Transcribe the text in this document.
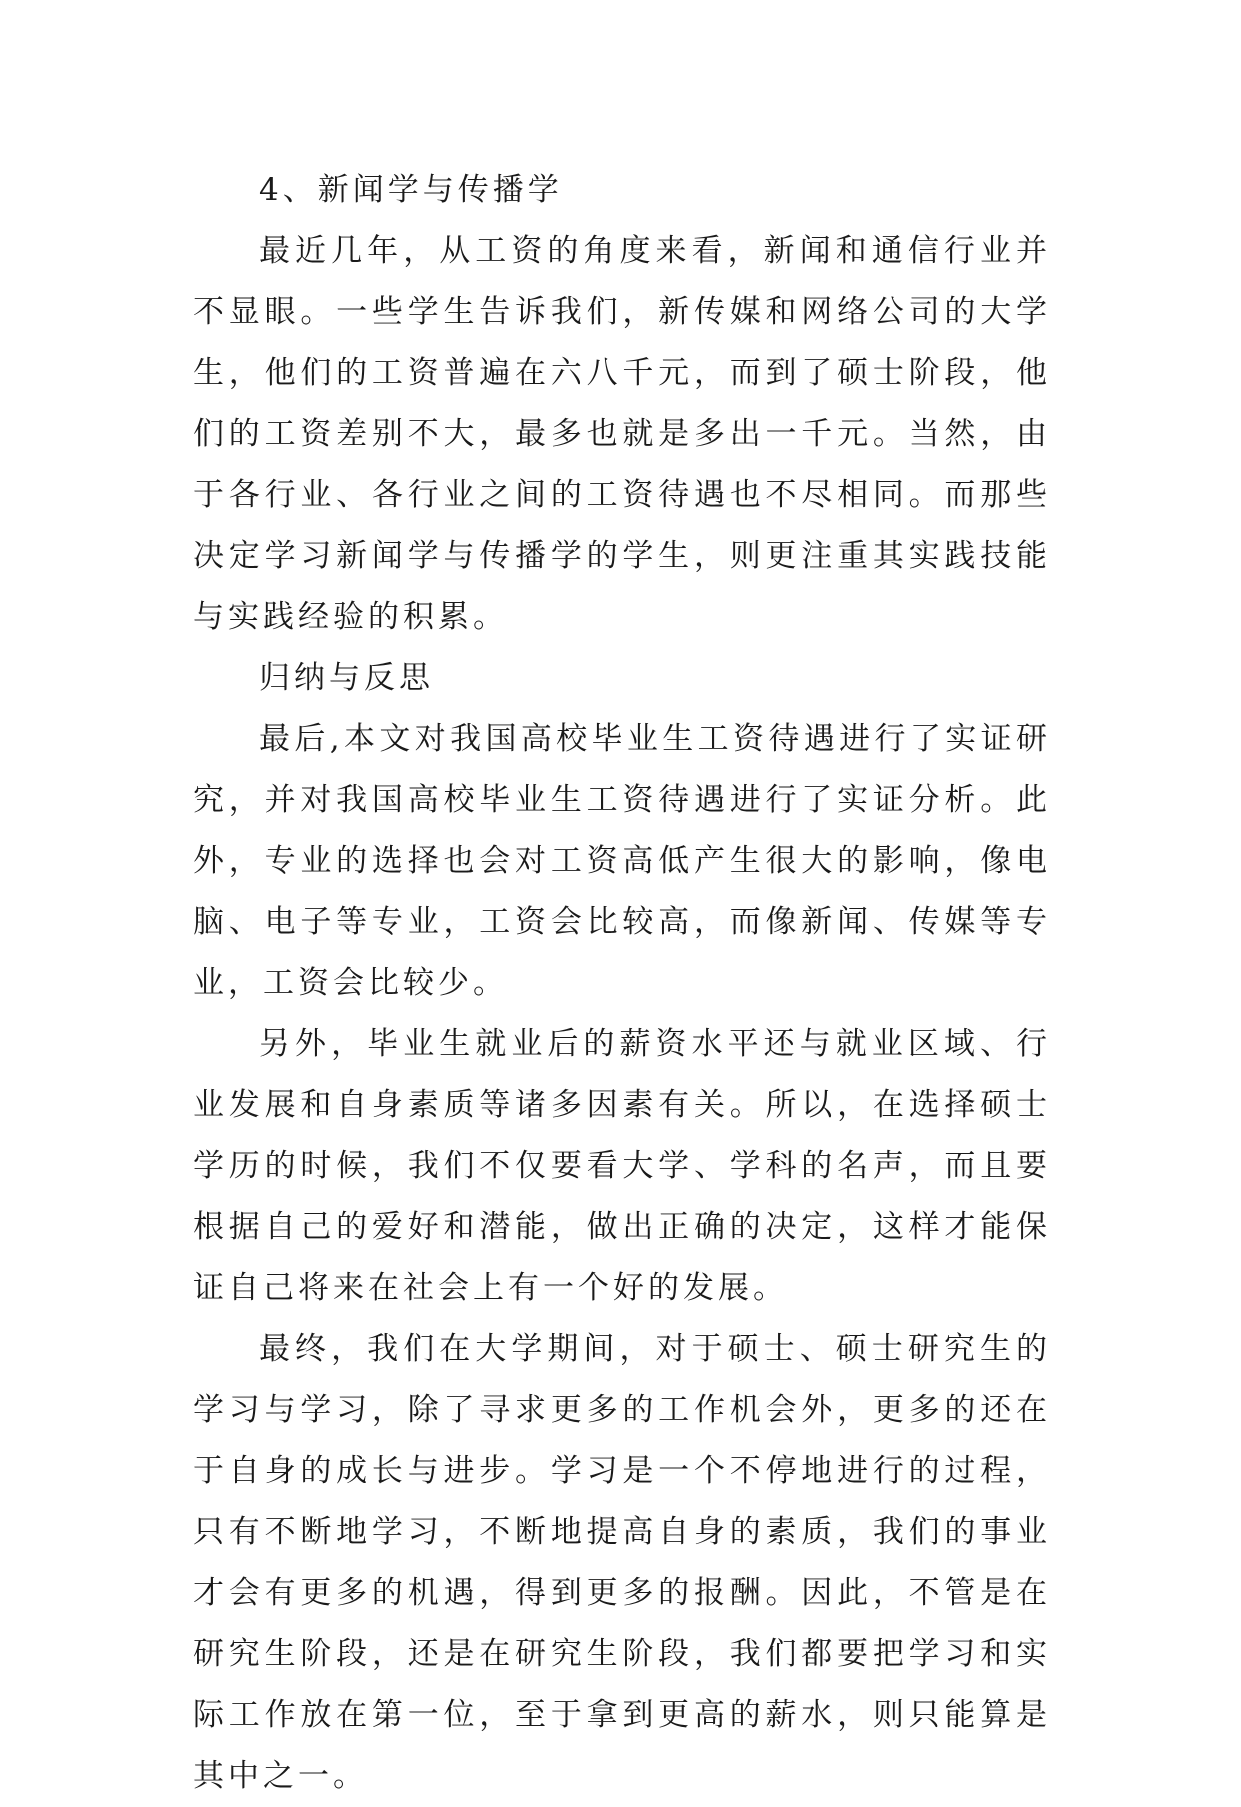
4、新闻学与传播学

最近几年，从工资的角度来看，新闻和通信行业并不显眼。一些学生告诉我们，新传媒和网络公司的大学生，他们的工资普遍在六八千元，而到了硕士阶段，他们的工资差别不大，最多也就是多出一千元。当然，由于各行业、各行业之间的工资待遇也不尽相同。而那些决定学习新闻学与传播学的学生，则更注重其实践技能与实践经验的积累。

归纳与反思

最后,本文对我国高校毕业生工资待遇进行了实证研究，并对我国高校毕业生工资待遇进行了实证分析。此外，专业的选择也会对工资高低产生很大的影响，像电脑、电子等专业，工资会比较高，而像新闻、传媒等专业，工资会比较少。

另外，毕业生就业后的薪资水平还与就业区域、行业发展和自身素质等诸多因素有关。所以，在选择硕士学历的时候，我们不仅要看大学、学科的名声，而且要根据自己的爱好和潜能，做出正确的决定，这样才能保证自己将来在社会上有一个好的发展。

最终，我们在大学期间，对于硕士、硕士研究生的学习与学习，除了寻求更多的工作机会外，更多的还在于自身的成长与进步。学习是一个不停地进行的过程，只有不断地学习，不断地提高自身的素质，我们的事业才会有更多的机遇，得到更多的报酬。因此，不管是在研究生阶段，还是在研究生阶段，我们都要把学习和实际工作放在第一位，至于拿到更高的薪水，则只能算是其中之一。
